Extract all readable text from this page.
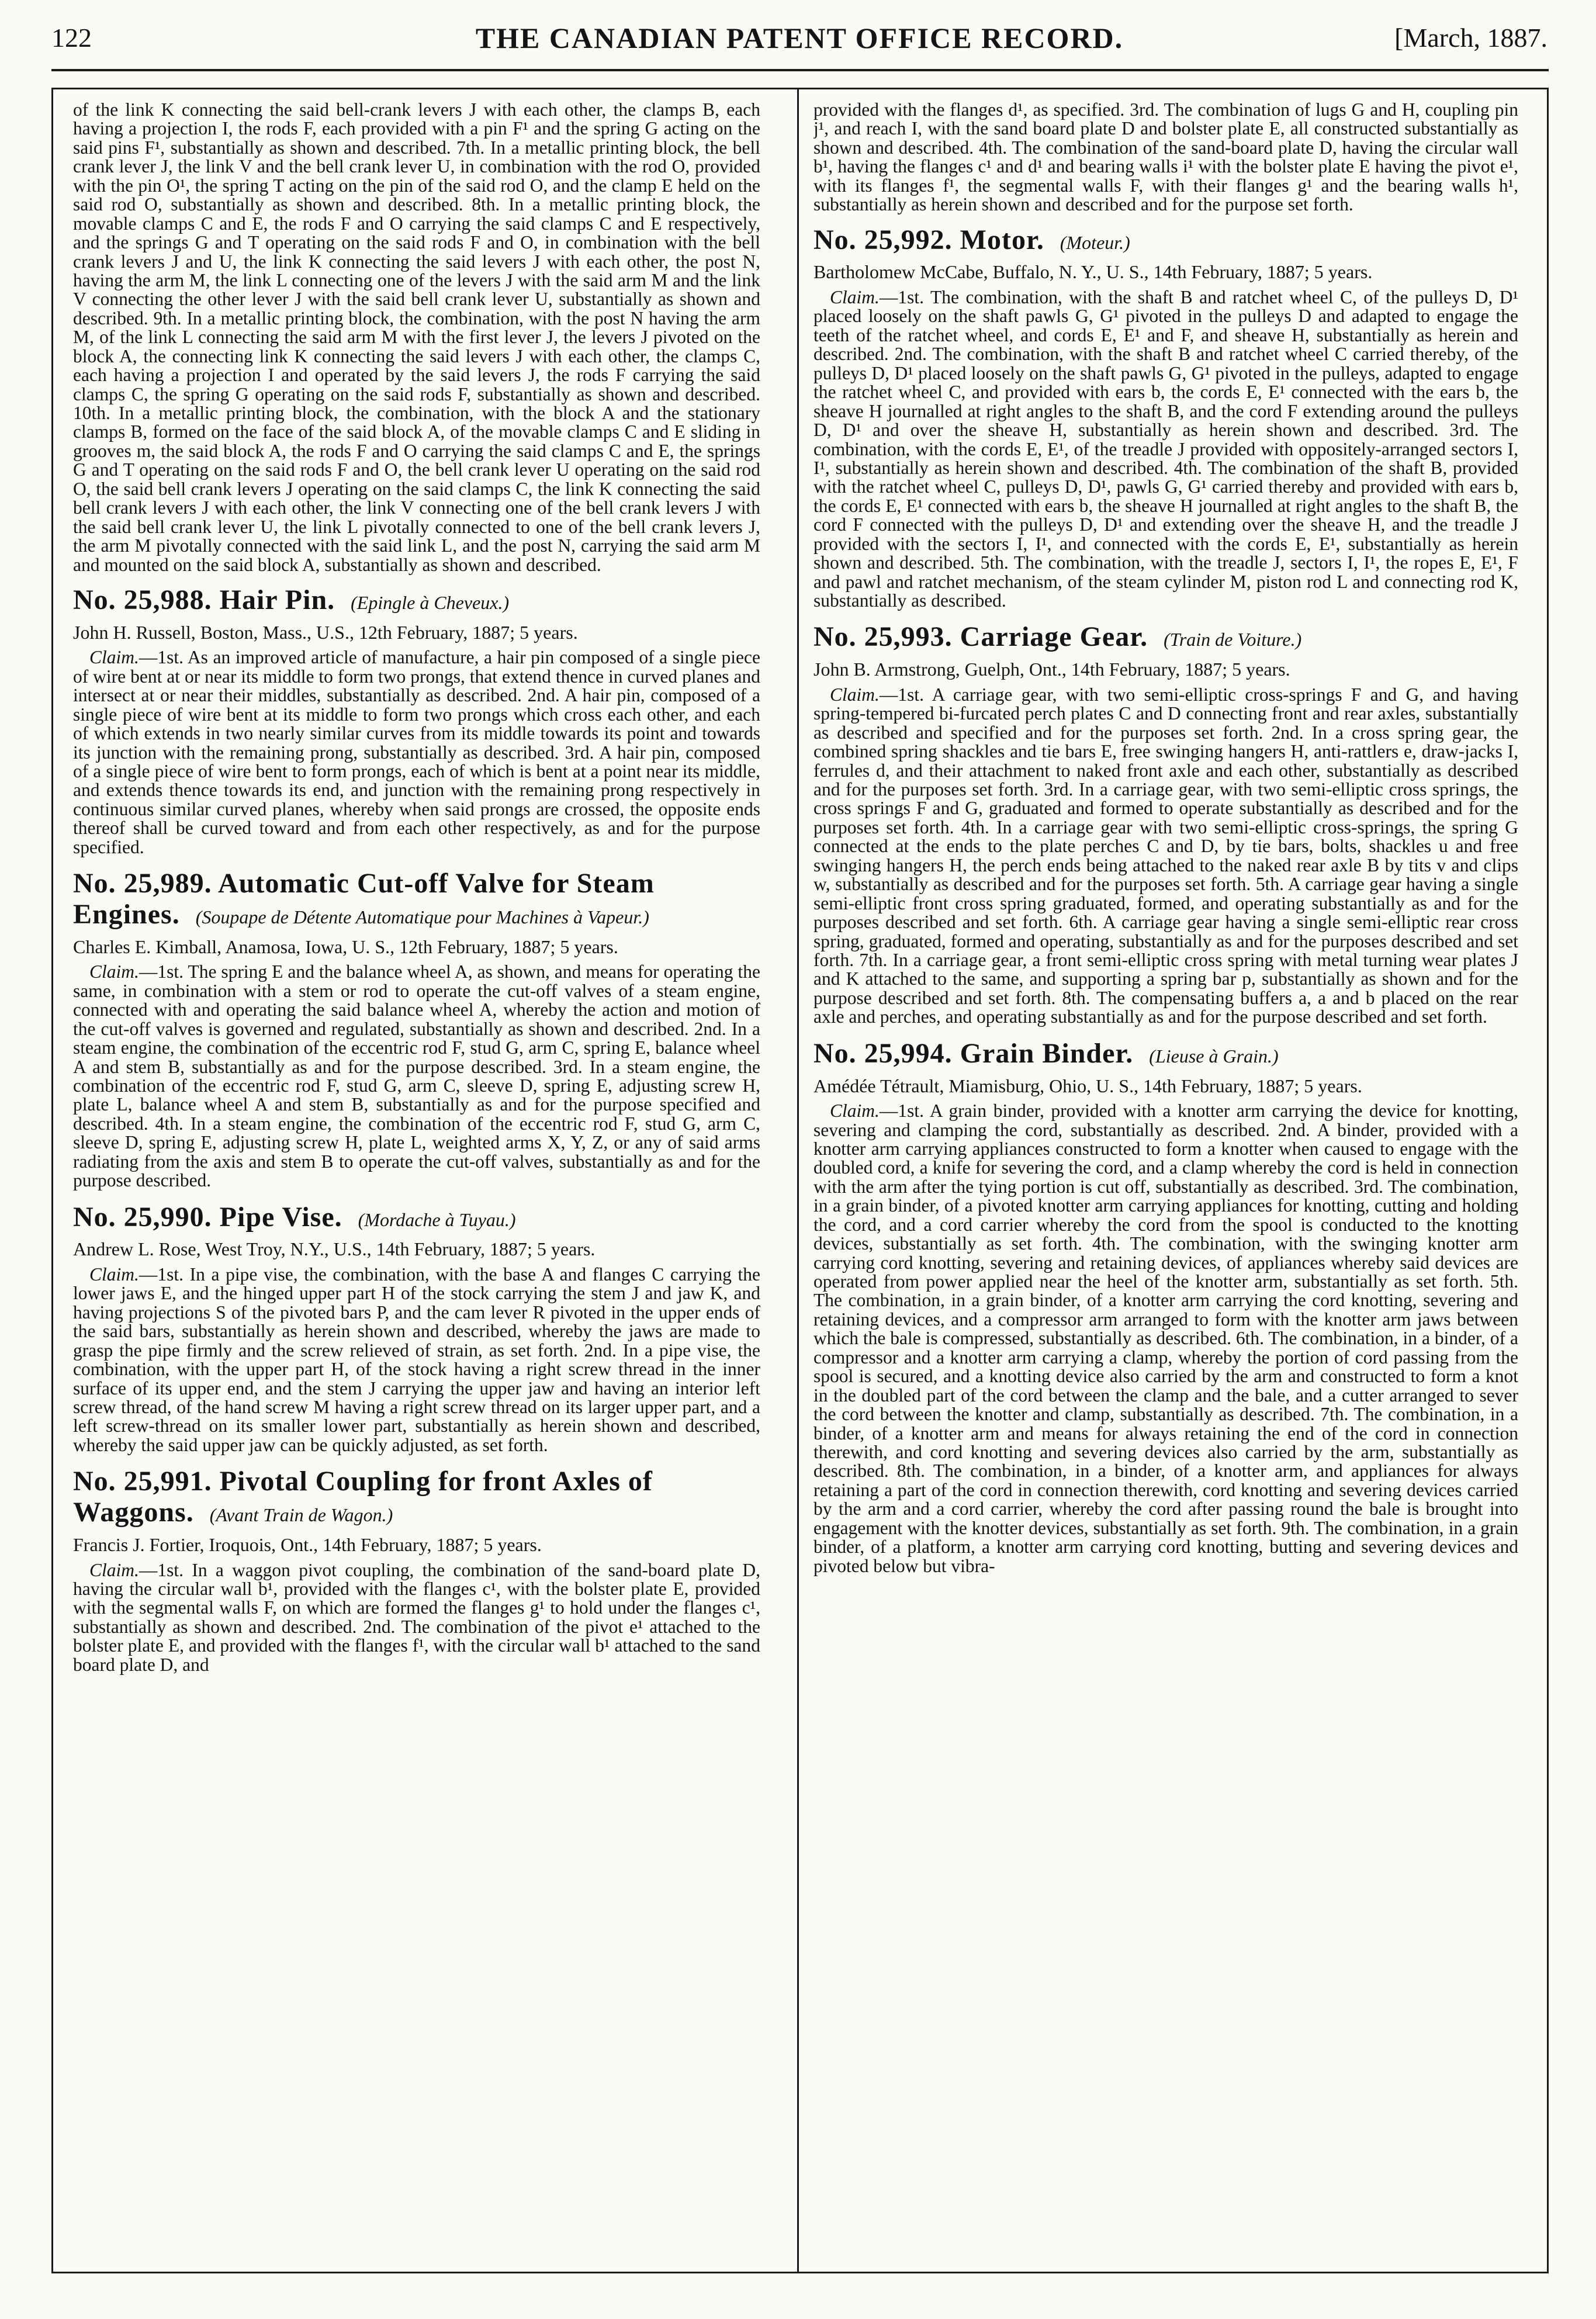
122	THE CANADIAN PATENT OFFICE RECORD.	[March, 1887.

of the link K connecting the said bell-crank levers J with each other, the clamps B, each having a projection I, the rods F, each provided with a pin F¹ and the spring G acting on the said pins F¹, substantially as shown and described. 7th. In a metallic printing block, the bell crank lever J, the link V and the bell crank lever U, in combination with the rod O, provided with the pin O¹, the spring T acting on the pin of the said rod O, and the clamp E held on the said rod O, substantially as shown and described. 8th. In a metallic printing block, the movable clamps C and E, the rods F and O carrying the said clamps C and E respectively, and the springs G and T operating on the said rods F and O, in combination with the bell crank levers J and U, the link K connecting the said levers J with each other, the post N, having the arm M, the link L connecting one of the levers J with the said arm M and the link V connecting the other lever J with the said bell crank lever U, substantially as shown and described. 9th. In a metallic printing block, the combination, with the post N having the arm M, of the link L connecting the said arm M with the first lever J, the levers J pivoted on the block A, the connecting link K connecting the said levers J with each other, the clamps C, each having a projection I and operated by the said levers J, the rods F carrying the said clamps C, the spring G operating on the said rods F, substantially as shown and described. 10th. In a metallic printing block, the combination, with the block A and the stationary clamps B, formed on the face of the said block A, of the movable clamps C and E sliding in grooves m, the said block A, the rods F and O carrying the said clamps C and E, the springs G and T operating on the said rods F and O, the bell crank lever U operating on the said rod O, the said bell crank levers J operating on the said clamps C, the link K connecting the said bell crank levers J with each other, the link V connecting one of the bell crank levers J with the said bell crank lever U, the link L pivotally connected to one of the bell crank levers J, the arm M pivotally connected with the said link L, and the post N, carrying the said arm M and mounted on the said block A, substantially as shown and described.

No. 25,988. Hair Pin. (Epingle à Cheveux.)
John H. Russell, Boston, Mass., U.S., 12th February, 1887; 5 years.

Claim.—1st. As an improved article of manufacture, a hair pin composed of a single piece of wire bent at or near its middle to form two prongs, that extend thence in curved planes and intersect at or near their middles, substantially as described. 2nd. A hair pin, composed of a single piece of wire bent at its middle to form two prongs which cross each other, and each of which extends in two nearly similar curves from its middle towards its point and towards its junction with the remaining prong, substantially as described. 3rd. A hair pin, composed of a single piece of wire bent to form prongs, each of which is bent at a point near its middle, and extends thence towards its end, and junction with the remaining prong respectively in continuous similar curved planes, whereby when said prongs are crossed, the opposite ends thereof shall be curved toward and from each other respectively, as and for the purpose specified.

No. 25,989. Automatic Cut-off Valve for Steam Engines. (Soupape de Détente Automatique pour Machines à Vapeur.)
Charles E. Kimball, Anamosa, Iowa, U. S., 12th February, 1887; 5 years.

Claim.—1st. The spring E and the balance wheel A, as shown, and means for operating the same, in combination with a stem or rod to operate the cut-off valves of a steam engine, connected with and operating the said balance wheel A, whereby the action and motion of the cut-off valves is governed and regulated, substantially as shown and described. 2nd. In a steam engine, the combination of the eccentric rod F, stud G, arm C, spring E, balance wheel A and stem B, substantially as and for the purpose described. 3rd. In a steam engine, the combination of the eccentric rod F, stud G, arm C, sleeve D, spring E, adjusting screw H, plate L, balance wheel A and stem B, substantially as and for the purpose specified and described. 4th. In a steam engine, the combination of the eccentric rod F, stud G, arm C, sleeve D, spring E, adjusting screw H, plate L, weighted arms X, Y, Z, or any of said arms radiating from the axis and stem B to operate the cut-off valves, substantially as and for the purpose described.

No. 25,990. Pipe Vise. (Mordache à Tuyau.)
Andrew L. Rose, West Troy, N.Y., U.S., 14th February, 1887; 5 years.

Claim.—1st. In a pipe vise, the combination, with the base A and flanges C carrying the lower jaws E, and the hinged upper part H of the stock carrying the stem J and jaw K, and having projections S of the pivoted bars P, and the cam lever R pivoted in the upper ends of the said bars, substantially as herein shown and described, whereby the jaws are made to grasp the pipe firmly and the screw relieved of strain, as set forth. 2nd. In a pipe vise, the combination, with the upper part H, of the stock having a right screw thread in the inner surface of its upper end, and the stem J carrying the upper jaw and having an interior left screw thread, of the hand screw M having a right screw thread on its larger upper part, and a left screw-thread on its smaller lower part, substantially as herein shown and described, whereby the said upper jaw can be quickly adjusted, as set forth.

No. 25,991. Pivotal Coupling for front Axles of Waggons. (Avant Train de Wagon.)
Francis J. Fortier, Iroquois, Ont., 14th February, 1887; 5 years.

Claim.—1st. In a waggon pivot coupling, the combination of the sand-board plate D, having the circular wall b¹, provided with the flanges c¹, with the bolster plate E, provided with the segmental walls F, on which are formed the flanges g¹ to hold under the flanges c¹, substantially as shown and described. 2nd. The combination of the pivot e¹ attached to the bolster plate E, and provided with the flanges f¹, with the circular wall b¹ attached to the sand board plate D, and

provided with the flanges d¹, as specified. 3rd. The combination of lugs G and H, coupling pin j¹, and reach I, with the sand board plate D and bolster plate E, all constructed substantially as shown and described. 4th. The combination of the sand-board plate D, having the circular wall b¹, having the flanges c¹ and d¹ and bearing walls i¹ with the bolster plate E having the pivot e¹, with its flanges f¹, the segmental walls F, with their flanges g¹ and the bearing walls h¹, substantially as herein shown and described and for the purpose set forth.

No. 25,992. Motor. (Moteur.)
Bartholomew McCabe, Buffalo, N. Y., U. S., 14th February, 1887; 5 years.

Claim.—1st. The combination, with the shaft B and ratchet wheel C, of the pulleys D, D¹ placed loosely on the shaft pawls G, G¹ pivoted in the pulleys D and adapted to engage the teeth of the ratchet wheel, and cords E, E¹ and F, and sheave H, substantially as herein and described. 2nd. The combination, with the shaft B and ratchet wheel C carried thereby, of the pulleys D, D¹ placed loosely on the shaft pawls G, G¹ pivoted in the pulleys, adapted to engage the ratchet wheel C, and provided with ears b, the cords E, E¹ connected with the ears b, the sheave H journalled at right angles to the shaft B, and the cord F extending around the pulleys D, D¹ and over the sheave H, substantially as herein shown and described. 3rd. The combination, with the cords E, E¹, of the treadle J provided with oppositely-arranged sectors I, I¹, substantially as herein shown and described. 4th. The combination of the shaft B, provided with the ratchet wheel C, pulleys D, D¹, pawls G, G¹ carried thereby and provided with ears b, the cords E, E¹ connected with ears b, the sheave H journalled at right angles to the shaft B, the cord F connected with the pulleys D, D¹ and extending over the sheave H, and the treadle J provided with the sectors I, I¹, and connected with the cords E, E¹, substantially as herein shown and described. 5th. The combination, with the treadle J, sectors I, I¹, the ropes E, E¹, F and pawl and ratchet mechanism, of the steam cylinder M, piston rod L and connecting rod K, substantially as described.

No. 25,993. Carriage Gear. (Train de Voiture.)
John B. Armstrong, Guelph, Ont., 14th February, 1887; 5 years.

Claim.—1st. A carriage gear, with two semi-elliptic cross-springs F and G, and having spring-tempered bi-furcated perch plates C and D connecting front and rear axles, substantially as described and specified and for the purposes set forth. 2nd. In a cross spring gear, the combined spring shackles and tie bars E, free swinging hangers H, anti-rattlers e, draw-jacks I, ferrules d, and their attachment to naked front axle and each other, substantially as described and for the purposes set forth. 3rd. In a carriage gear, with two semi-elliptic cross springs, the cross springs F and G, graduated and formed to operate substantially as described and for the purposes set forth. 4th. In a carriage gear with two semi-elliptic cross-springs, the spring G connected at the ends to the plate perches C and D, by tie bars, bolts, shackles u and free swinging hangers H, the perch ends being attached to the naked rear axle B by tits v and clips w, substantially as described and for the purposes set forth. 5th. A carriage gear having a single semi-elliptic front cross spring graduated, formed, and operating substantially as and for the purposes described and set forth. 6th. A carriage gear having a single semi-elliptic rear cross spring, graduated, formed and operating, substantially as and for the purposes described and set forth. 7th. In a carriage gear, a front semi-elliptic cross spring with metal turning wear plates J and K attached to the same, and supporting a spring bar p, substantially as shown and for the purpose described and set forth. 8th. The compensating buffers a, a and b placed on the rear axle and perches, and operating substantially as and for the purpose described and set forth.

No. 25,994. Grain Binder. (Lieuse à Grain.)
Amédée Tétrault, Miamisburg, Ohio, U. S., 14th February, 1887; 5 years.

Claim.—1st. A grain binder, provided with a knotter arm carrying the device for knotting, severing and clamping the cord, substantially as described. 2nd. A binder, provided with a knotter arm carrying appliances constructed to form a knotter when caused to engage with the doubled cord, a knife for severing the cord, and a clamp whereby the cord is held in connection with the arm after the tying portion is cut off, substantially as described. 3rd. The combination, in a grain binder, of a pivoted knotter arm carrying appliances for knotting, cutting and holding the cord, and a cord carrier whereby the cord from the spool is conducted to the knotting devices, substantially as set forth. 4th. The combination, with the swinging knotter arm carrying cord knotting, severing and retaining devices, of appliances whereby said devices are operated from power applied near the heel of the knotter arm, substantially as set forth. 5th. The combination, in a grain binder, of a knotter arm carrying the cord knotting, severing and retaining devices, and a compressor arm arranged to form with the knotter arm jaws between which the bale is compressed, substantially as described. 6th. The combination, in a binder, of a compressor and a knotter arm carrying a clamp, whereby the portion of cord passing from the spool is secured, and a knotting device also carried by the arm and constructed to form a knot in the doubled part of the cord between the clamp and the bale, and a cutter arranged to sever the cord between the knotter and clamp, substantially as described. 7th. The combination, in a binder, of a knotter arm and means for always retaining the end of the cord in connection therewith, and cord knotting and severing devices also carried by the arm, substantially as described. 8th. The combination, in a binder, of a knotter arm, and appliances for always retaining a part of the cord in connection therewith, cord knotting and severing devices carried by the arm and a cord carrier, whereby the cord after passing round the bale is brought into engagement with the knotter devices, substantially as set forth. 9th. The combination, in a grain binder, of a platform, a knotter arm carrying cord knotting, butting and severing devices and pivoted below but vibra-
